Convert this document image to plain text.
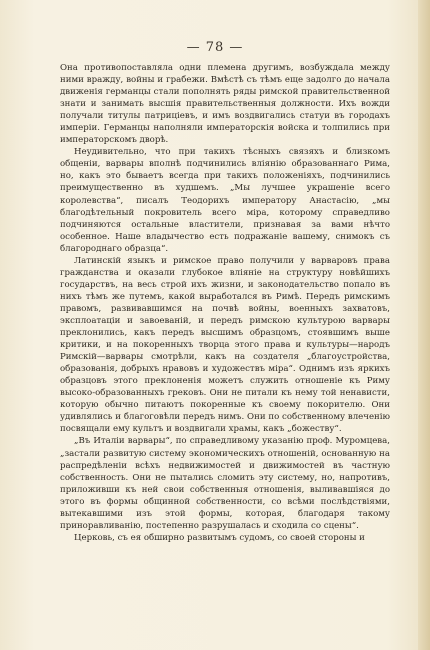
— 78 —

Она противопоставляла одни племена другимъ, возбуждала между ними вражду, войны и грабежи. Вмѣстѣ съ тѣмъ еще задолго до начала движенія германцы стали пополнять ряды римской правительственной знати и занимать высшія правительственныя должности. Ихъ вожди получали титулы патриціевъ, и имъ воздвигались статуи въ городахъ имперіи. Германцы наполняли императорскія войска и толпились при императорскомъ дворѣ.

Неудивительно, что при такихъ тѣсныхъ связяхъ и близкомъ общеніи, варвары вполнѣ подчинились вліянію образованнаго Рима, но, какъ это бываетъ всегда при такихъ положеніяхъ, подчинились преимущественно въ худшемъ. „Мы лучшее украшеніе всего королевства“, писалъ Теодорихъ императору Анастасію, „мы благодѣтельный покровитель всего міра, которому справедливо подчиняются остальные властители, признавая за вами нѣчто особенное. Наше владычество есть подражаніе вашему, снимокъ съ благороднаго образца“.

Латинскій языкъ и римское право получили у варваровъ права гражданства и оказали глубокое вліяніе на структуру новѣйшихъ государствъ, на весь строй ихъ жизни, и законодательство попало въ нихъ тѣмъ же путемъ, какой выработался въ Римѣ. Передъ римскимъ правомъ, развивавшимся на почвѣ войны, военныхъ захватовъ, эксплоатаціи и завоеваній, и передъ римскою культурою варвары преклонились, какъ передъ высшимъ образцомъ, стоявшимъ выше критики, и на покоренныхъ творца этого права и культуры—народъ Римскій—варвары смотрѣли, какъ на создателя „благоустройства, образованія, добрыхъ нравовъ и художествъ міра“. Однимъ изъ яркихъ образцовъ этого преклоненія можетъ служить отношеніе къ Риму высоко-образованныхъ грековъ. Они не питали къ нему той ненависти, которую обычно питаютъ покоренные къ своему покорителю. Они удивлялись и благоговѣли передъ нимъ. Они по собственному влеченію посвящали ему культъ и воздвигали храмы, какъ „божеству“.

„Въ Италіи варвары“, по справедливому указанію проф. Муромцева, „застали развитую систему экономическихъ отношеній, основанную на распредѣленіи всѣхъ недвижимостей и движимостей въ частную собственность. Они не пытались сломить эту систему, но, напротивъ, приложивши къ ней свои собственныя отношенія, выливавшіяся до этого въ формы общинной собственности, со всѣми послѣдствіями, вытекавшими изъ этой формы, которая, благодаря такому приноравливанію, постепенно разрушалась и сходила со сцены“.

Церковь, съ ея обширно развитымъ судомъ, со своей стороны и
